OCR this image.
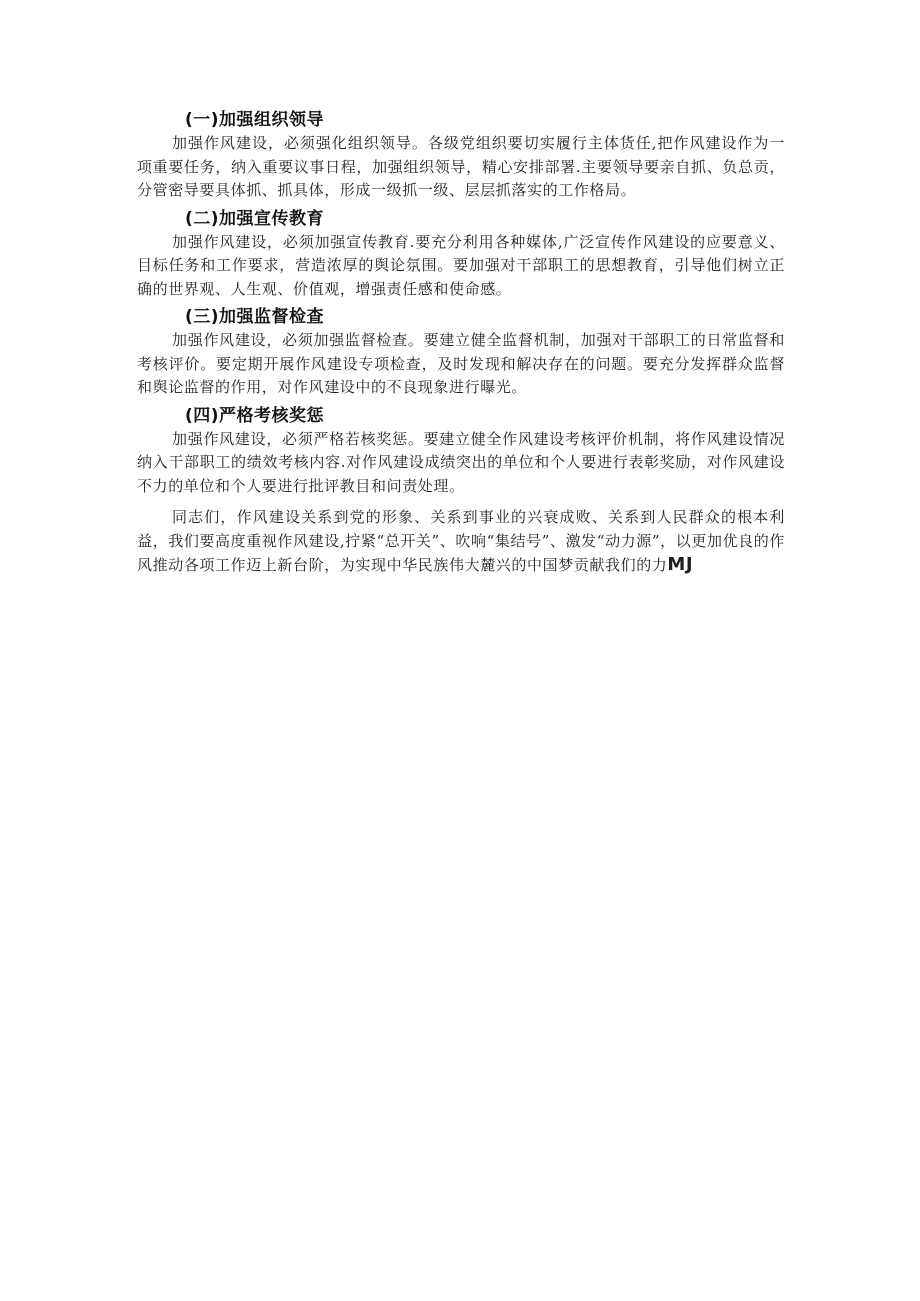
(一)加强组织领导

加强作风建设，必须强化组织领导。各级党组织要切实履行主体货任,把作风建设作为一项重要任务，纳入重要议事日程，加强组织领导，精心安排部署.主要领导要亲自抓、负总贡，分管密导要具体抓、抓具体，形成一级抓一级、层层抓落实的工作格局。

(二)加强宣传教育

加强作风建设，必须加强宣传教育.要充分利用各种媒体,广泛宣传作风建设的应要意义、目标任务和工作要求，营造浓厚的舆论氛围。要加强对干部职工的思想教育，引导他们树立正确的世界观、人生观、价值观，增强责任感和使命感。

(三)加强监督检查

加强作风建设，必须加强监督检查。要建立健全监督机制，加强对干部职工的日常监督和考核评价。要定期开展作风建设专项检查，及时发现和解决存在的问题。要充分发挥群众监督和舆论监督的作用，对作风建设中的不良现象进行曝光。

(四)严格考核奖惩

加强作风建设，必须严格若核奖惩。要建立健全作风建设考核评价机制，将作风建设情况纳入干部职工的绩效考核内容.对作风建设成绩突出的单位和个人要进行表彰奖励，对作风建设不力的单位和个人要进行批评教目和问责处理。

同志们，作风建设关系到党的形象、关系到事业的兴衰成败、关系到人民群众的根本利益，我们要高度重视作风建设,拧紧“总开关”、吹响“集结号”、激发“动力源”，以更加优良的作风推动各项工作迈上新台阶，为实现中华民族伟大麓兴的中国梦贡献我们的力MJ
